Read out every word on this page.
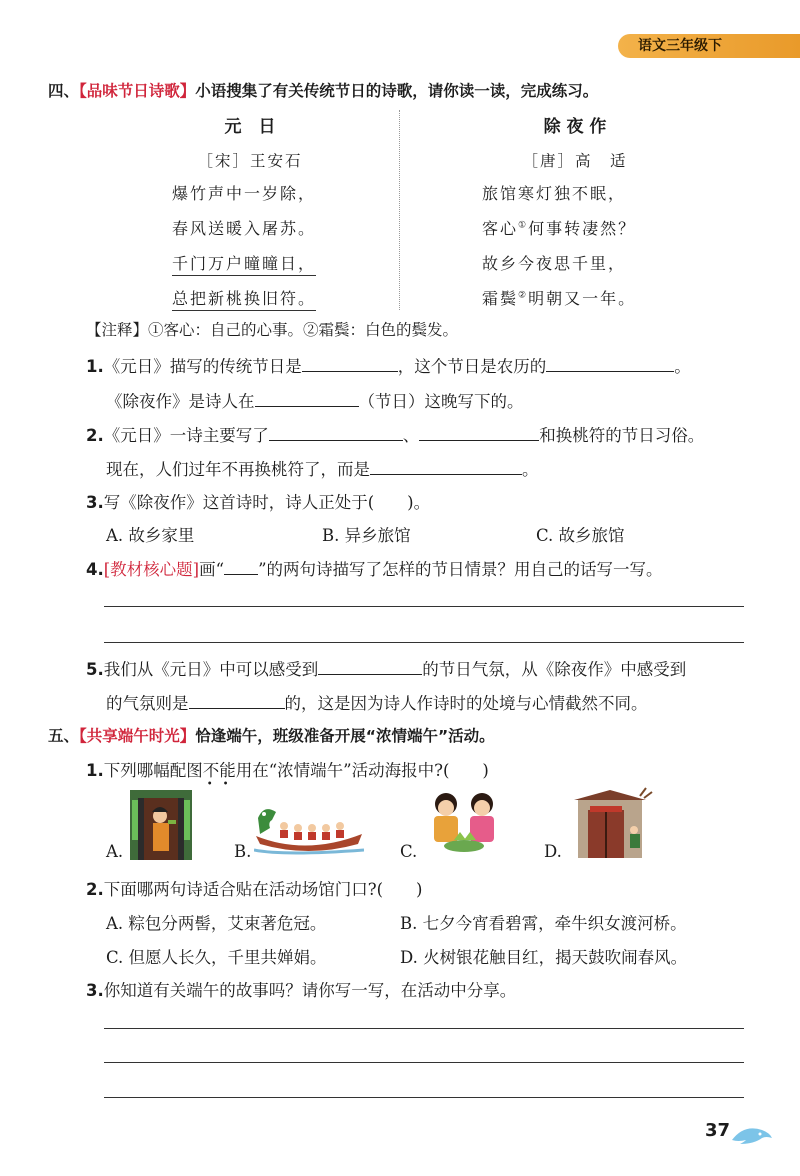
语文三年级下
四、【品味节日诗歌】小语搜集了有关传统节日的诗歌，请你读一读，完成练习。
元　日
［宋］王安石
爆竹声中一岁除，
春风送暖入屠苏。
千门万户曈曈日，
总把新桃换旧符。
除 夜 作
［唐］高　适
旅馆寒灯独不眠，
客心①何事转凄然？
故乡今夜思千里，
霜鬓②明朝又一年。
【注释】①客心：自己的心事。②霜鬓：白色的鬓发。
1.《元日》描写的传统节日是	，这个节日是农历的	。
《除夜作》是诗人在	（节日）这晚写下的。
2.《元日》一诗主要写了	、	和换桃符的节日习俗。
现在，人们过年不再换桃符了，而是	。
3.写《除夜作》这首诗时，诗人正处于(　　)。
A. 故乡家里	B. 异乡旅馆	C. 故乡旅馆
4.[教材核心题]画“ ”的两句诗描写了怎样的节日情景？用自己的话写一写。
5.我们从《元日》中可以感受到	的节日气氛，从《除夜作》中感受到
的气氛则是	的，这是因为诗人作诗时的处境与心情截然不同。
五、【共享端午时光】恰逢端午，班级准备开展“浓情端午”活动。
1.下列哪幅配图不能
••
用在“浓情端午”活动海报中?(　　)
A.	B.	C.	D.
2.下面哪两句诗适合贴在活动场馆门口?(　　)
A. 粽包分两髻，艾束著危冠。	B. 七夕今宵看碧霄，牵牛织女渡河桥。
C. 但愿人长久，千里共婵娟。	D. 火树银花触目红，揭天鼓吹闹春风。
3.你知道有关端午的故事吗？请你写一写，在活动中分享。
37
